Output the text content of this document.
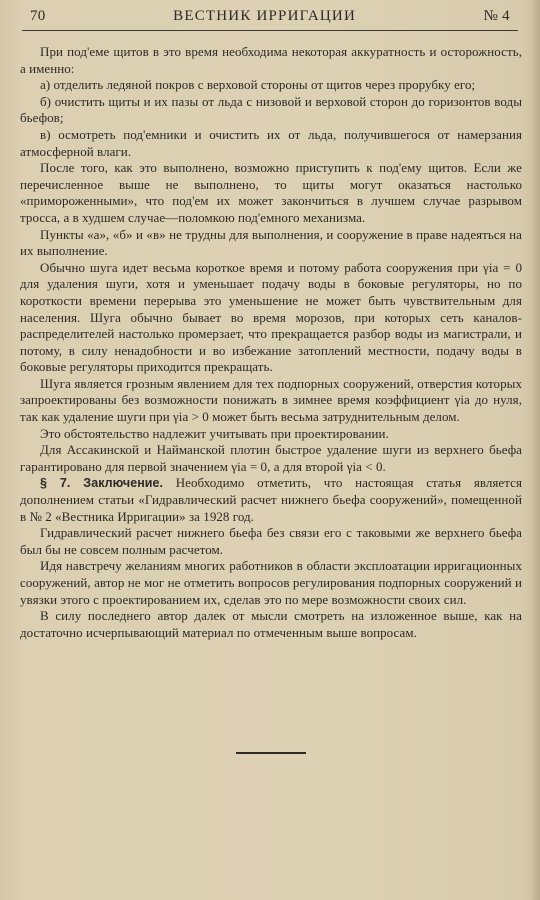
70	ВЕСТНИК ИРРИГАЦИИ	№ 4

При под'еме щитов в это время необходима некоторая аккуратность и осторожность, а именно:

а) отделить ледяной покров с верховой стороны от щитов через прорубку его;

б) очистить щиты и их пазы от льда с низовой и верховой сторон до горизонтов воды бьефов;

в) осмотреть под'емники и очистить их от льда, получившегося от намерзания атмосферной влаги.

После того, как это выполнено, возможно приступить к под'ему щитов. Если же перечисленное выше не выполнено, то щиты могут оказаться настолько «примороженными», что под'ем их может закончиться в лучшем случае разрывом тросса, а в худшем случае—поломкою под'емного механизма.

Пункты «а», «б» и «в» не трудны для выполнения, и сооружение в праве надеяться на их выполнение.

Обычно шуга идет весьма короткое время и потому работа сооружения при γia = 0 для удаления шуги, хотя и уменьшает подачу воды в боковые регуляторы, но по короткости времени перерыва это уменьшение не может быть чувствительным для населения. Шуга обычно бывает во время морозов, при которых сеть каналов-распределителей настолько промерзает, что прекращается разбор воды из магистрали, и потому, в силу ненадобности и во избежание затоплений местности, подачу воды в боковые регуляторы приходится прекращать.

Шуга является грозным явлением для тех подпорных сооружений, отверстия которых запроектированы без возможности понижать в зимнее время коэффициент γia до нуля, так как удаление шуги при γia > 0 может быть весьма затруднительным делом.

Это обстоятельство надлежит учитывать при проектировании.

Для Ассакинской и Найманской плотин быстрое удаление шуги из верхнего бьефа гарантировано для первой значением γia = 0, а для второй γia < 0.

§ 7. Заключение. Необходимо отметить, что настоящая статья является дополнением статьи «Гидравлический расчет нижнего бьефа сооружений», помещенной в № 2 «Вестника Ирригации» за 1928 год.

Гидравлический расчет нижнего бьефа без связи его с таковыми же верхнего бьефа был бы не совсем полным расчетом.

Идя навстречу желаниям многих работников в области эксплоатации ирригационных сооружений, автор не мог не отметить вопросов регулирования подпорных сооружений и увязки этого с проектированием их, сделав это по мере возможности своих сил.

В силу последнего автор далек от мысли смотреть на изложенное выше, как на достаточно исчерпывающий материал по отмеченным выше вопросам.
